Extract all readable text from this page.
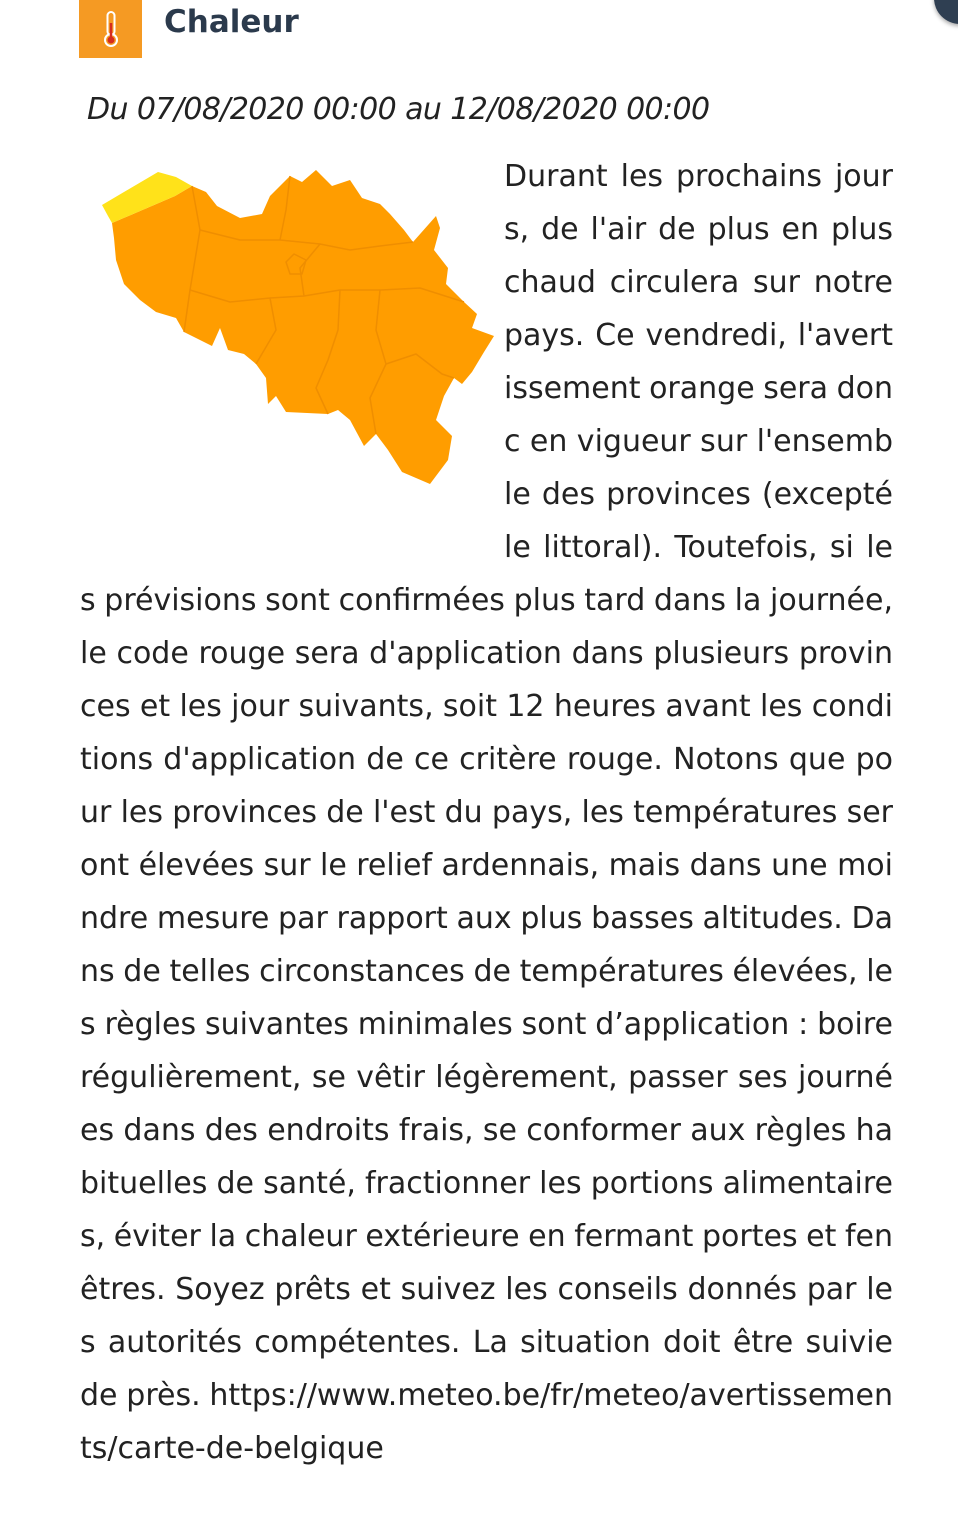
Chaleur
Du 07/08/2020 00:00 au 12/08/2020 00:00

Durant les prochains jours, de l'air de plus en plus chaud circulera sur notre pays. Ce vendredi, l'avertissement orange sera donc en vigueur sur l'ensemble des provinces (excepté le littoral). Toutefois, si les prévisions sont confirmées plus tard dans la journée, le code rouge sera d'application dans plusieurs provinces et les jour suivants, soit 12 heures avant les conditions d'application de ce critère rouge. Notons que pour les provinces de l'est du pays, les températures seront élevées sur le relief ardennais, mais dans une moindre mesure par rapport aux plus basses altitudes. Dans de telles circonstances de températures élevées, les règles suivantes minimales sont d’application : boire régulièrement, se vêtir légèrement, passer ses journées dans des endroits frais, se conformer aux règles habituelles de santé, fractionner les portions alimentaires, éviter la chaleur extérieure en fermant portes et fenêtres. Soyez prêts et suivez les conseils donnés par les autorités compétentes. La situation doit être suivie de près. https://www.meteo.be/fr/meteo/avertissements/carte-de-belgique
